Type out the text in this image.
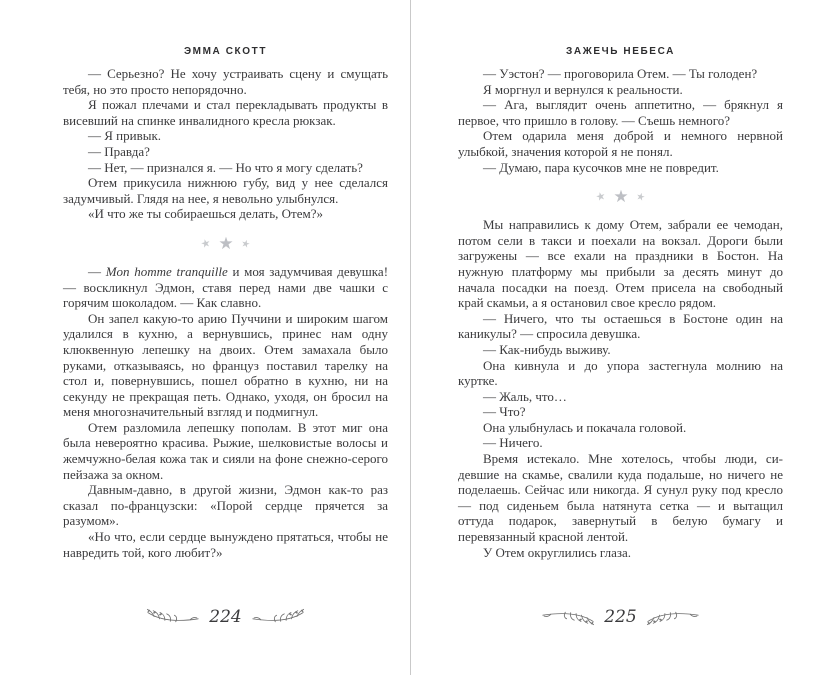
ЭММА СКОТТ

— Серьезно? Не хочу устраивать сцену и смущать тебя, но это просто непорядочно.

Я пожал плечами и стал перекладывать продукты в висевший на спинке инвалидного кресла рюкзак.

— Я привык.

— Правда?

— Нет, — признался я. — Но что я могу сделать?

Отем прикусила нижнюю губу, вид у нее сделался задумчивый. Глядя на нее, я невольно улыбнулся.

«И что же ты собираешься делать, Отем?»

★ ★ ★

— Mon homme tranquille и моя задумчивая девушка! — воскликнул Эдмон, ставя перед нами две чашки с горячим шоколадом. — Как славно.

Он запел какую-то арию Пуччини и широким шагом удалился в кухню, а вернувшись, принес нам одну клюквенную лепешку на двоих. Отем замахала было руками, отказываясь, но француз поставил тарелку на стол и, повернувшись, пошел обратно в кухню, ни на секунду не прекращая петь. Однако, уходя, он бросил на меня многозначительный взгляд и подмигнул.

Отем разломила лепешку пополам. В этот миг она была невероятно красива. Рыжие, шелковистые волосы и жемчужно-белая кожа так и сияли на фоне снежно-серого пейзажа за окном.

Давным-давно, в другой жизни, Эдмон как-то раз сказал по-французски: «Порой сердце прячется за разумом».

«Но что, если сердце вынуждено прятаться, чтобы не навредить той, кого любит?»

224
ЗАЖЕЧЬ НЕБЕСА

— Уэстон? — проговорила Отем. — Ты голоден?

Я моргнул и вернулся к реальности.

— Ага, выглядит очень аппетитно, — брякнул я первое, что пришло в голову. — Съешь немного?

Отем одарила меня доброй и немного нервной улыбкой, значения которой я не понял.

— Думаю, пара кусочков мне не повредит.

★ ★ ★

Мы направились к дому Отем, забрали ее чемодан, потом сели в такси и поехали на вокзал. Дороги были загружены — все ехали на праздники в Бостон. На нужную платформу мы прибыли за десять минут до начала посадки на поезд. Отем присела на свободный край скамьи, а я остановил свое кресло рядом.

— Ничего, что ты остаешься в Бостоне один на каникулы? — спросила девушка.

— Как-нибудь выживу.

Она кивнула и до упора застегнула молнию на куртке.

— Жаль, что…

— Что?

Она улыбнулась и покачала головой.

— Ничего.

Время истекало. Мне хотелось, чтобы люди, сидевшие на скамье, свалили куда подальше, но ничего не поделаешь. Сейчас или никогда. Я сунул руку под кресло — под сиденьем была натянута сетка — и вытащил оттуда подарок, завернутый в белую бумагу и перевязанный красной лентой.

У Отем округлились глаза.

225
